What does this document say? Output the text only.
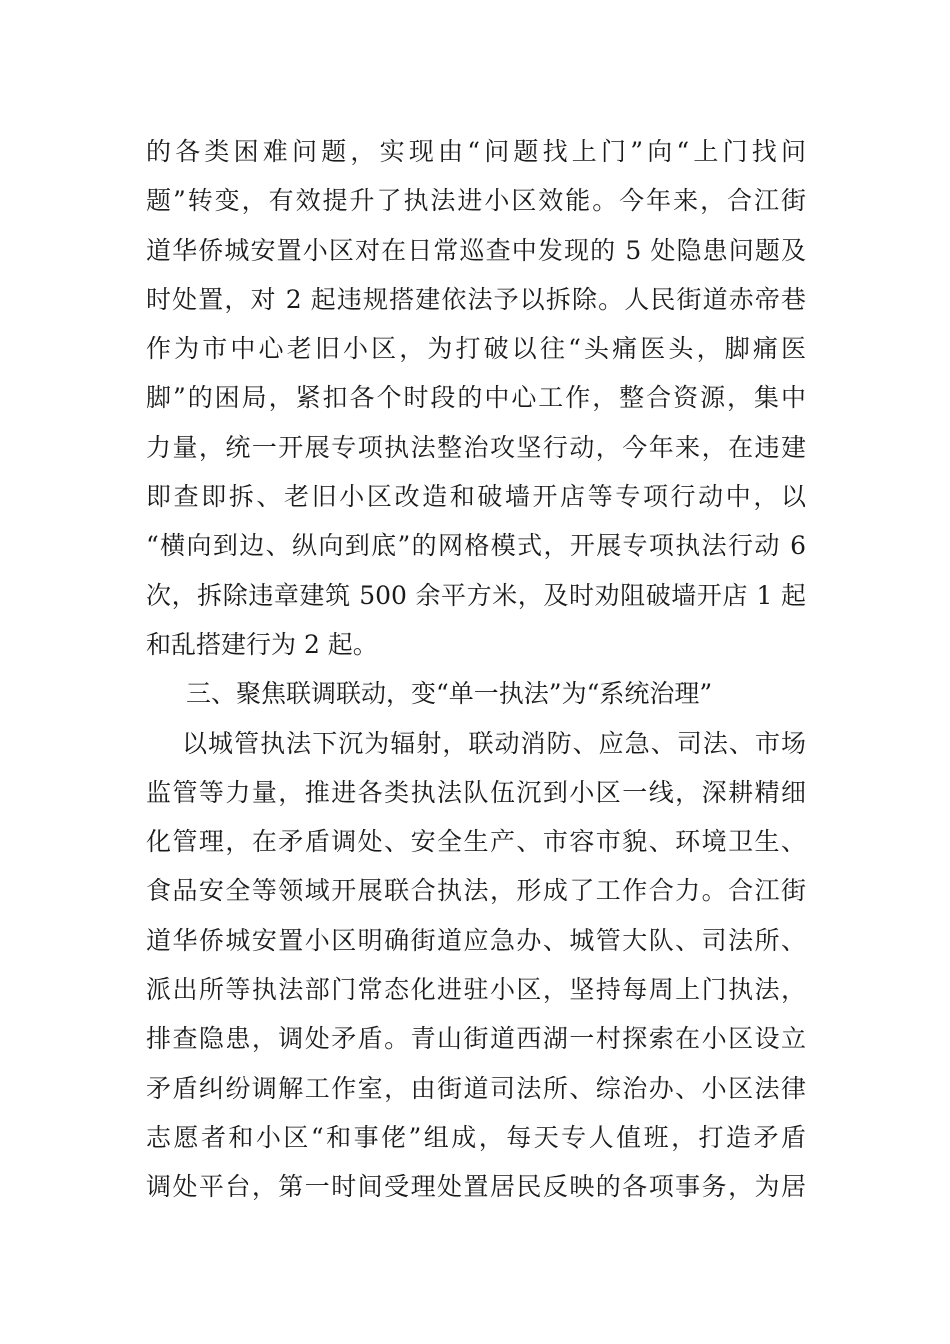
的各类困难问题，实现由“问题找上门”向“上门找问
题”转变，有效提升了执法进小区效能。今年来，合江街
道华侨城安置小区对在日常巡查中发现的 5 处隐患问题及
时处置，对 2 起违规搭建依法予以拆除。人民街道赤帝巷
作为市中心老旧小区，为打破以往“头痛医头，脚痛医
脚”的困局，紧扣各个时段的中心工作，整合资源，集中
力量，统一开展专项执法整治攻坚行动，今年来，在违建
即查即拆、老旧小区改造和破墙开店等专项行动中，以
“横向到边、纵向到底”的网格模式，开展专项执法行动 6
次，拆除违章建筑 500 余平方米，及时劝阻破墙开店 1 起
和乱搭建行为 2 起。
三、聚焦联调联动，变“单一执法”为“系统治理”
以城管执法下沉为辐射，联动消防、应急、司法、市场
监管等力量，推进各类执法队伍沉到小区一线，深耕精细
化管理，在矛盾调处、安全生产、市容市貌、环境卫生、
食品安全等领域开展联合执法，形成了工作合力。合江街
道华侨城安置小区明确街道应急办、城管大队、司法所、
派出所等执法部门常态化进驻小区，坚持每周上门执法，
排查隐患，调处矛盾。青山街道西湖一村探索在小区设立
矛盾纠纷调解工作室，由街道司法所、综治办、小区法律
志愿者和小区“和事佬”组成，每天专人值班，打造矛盾
调处平台，第一时间受理处置居民反映的各项事务，为居
